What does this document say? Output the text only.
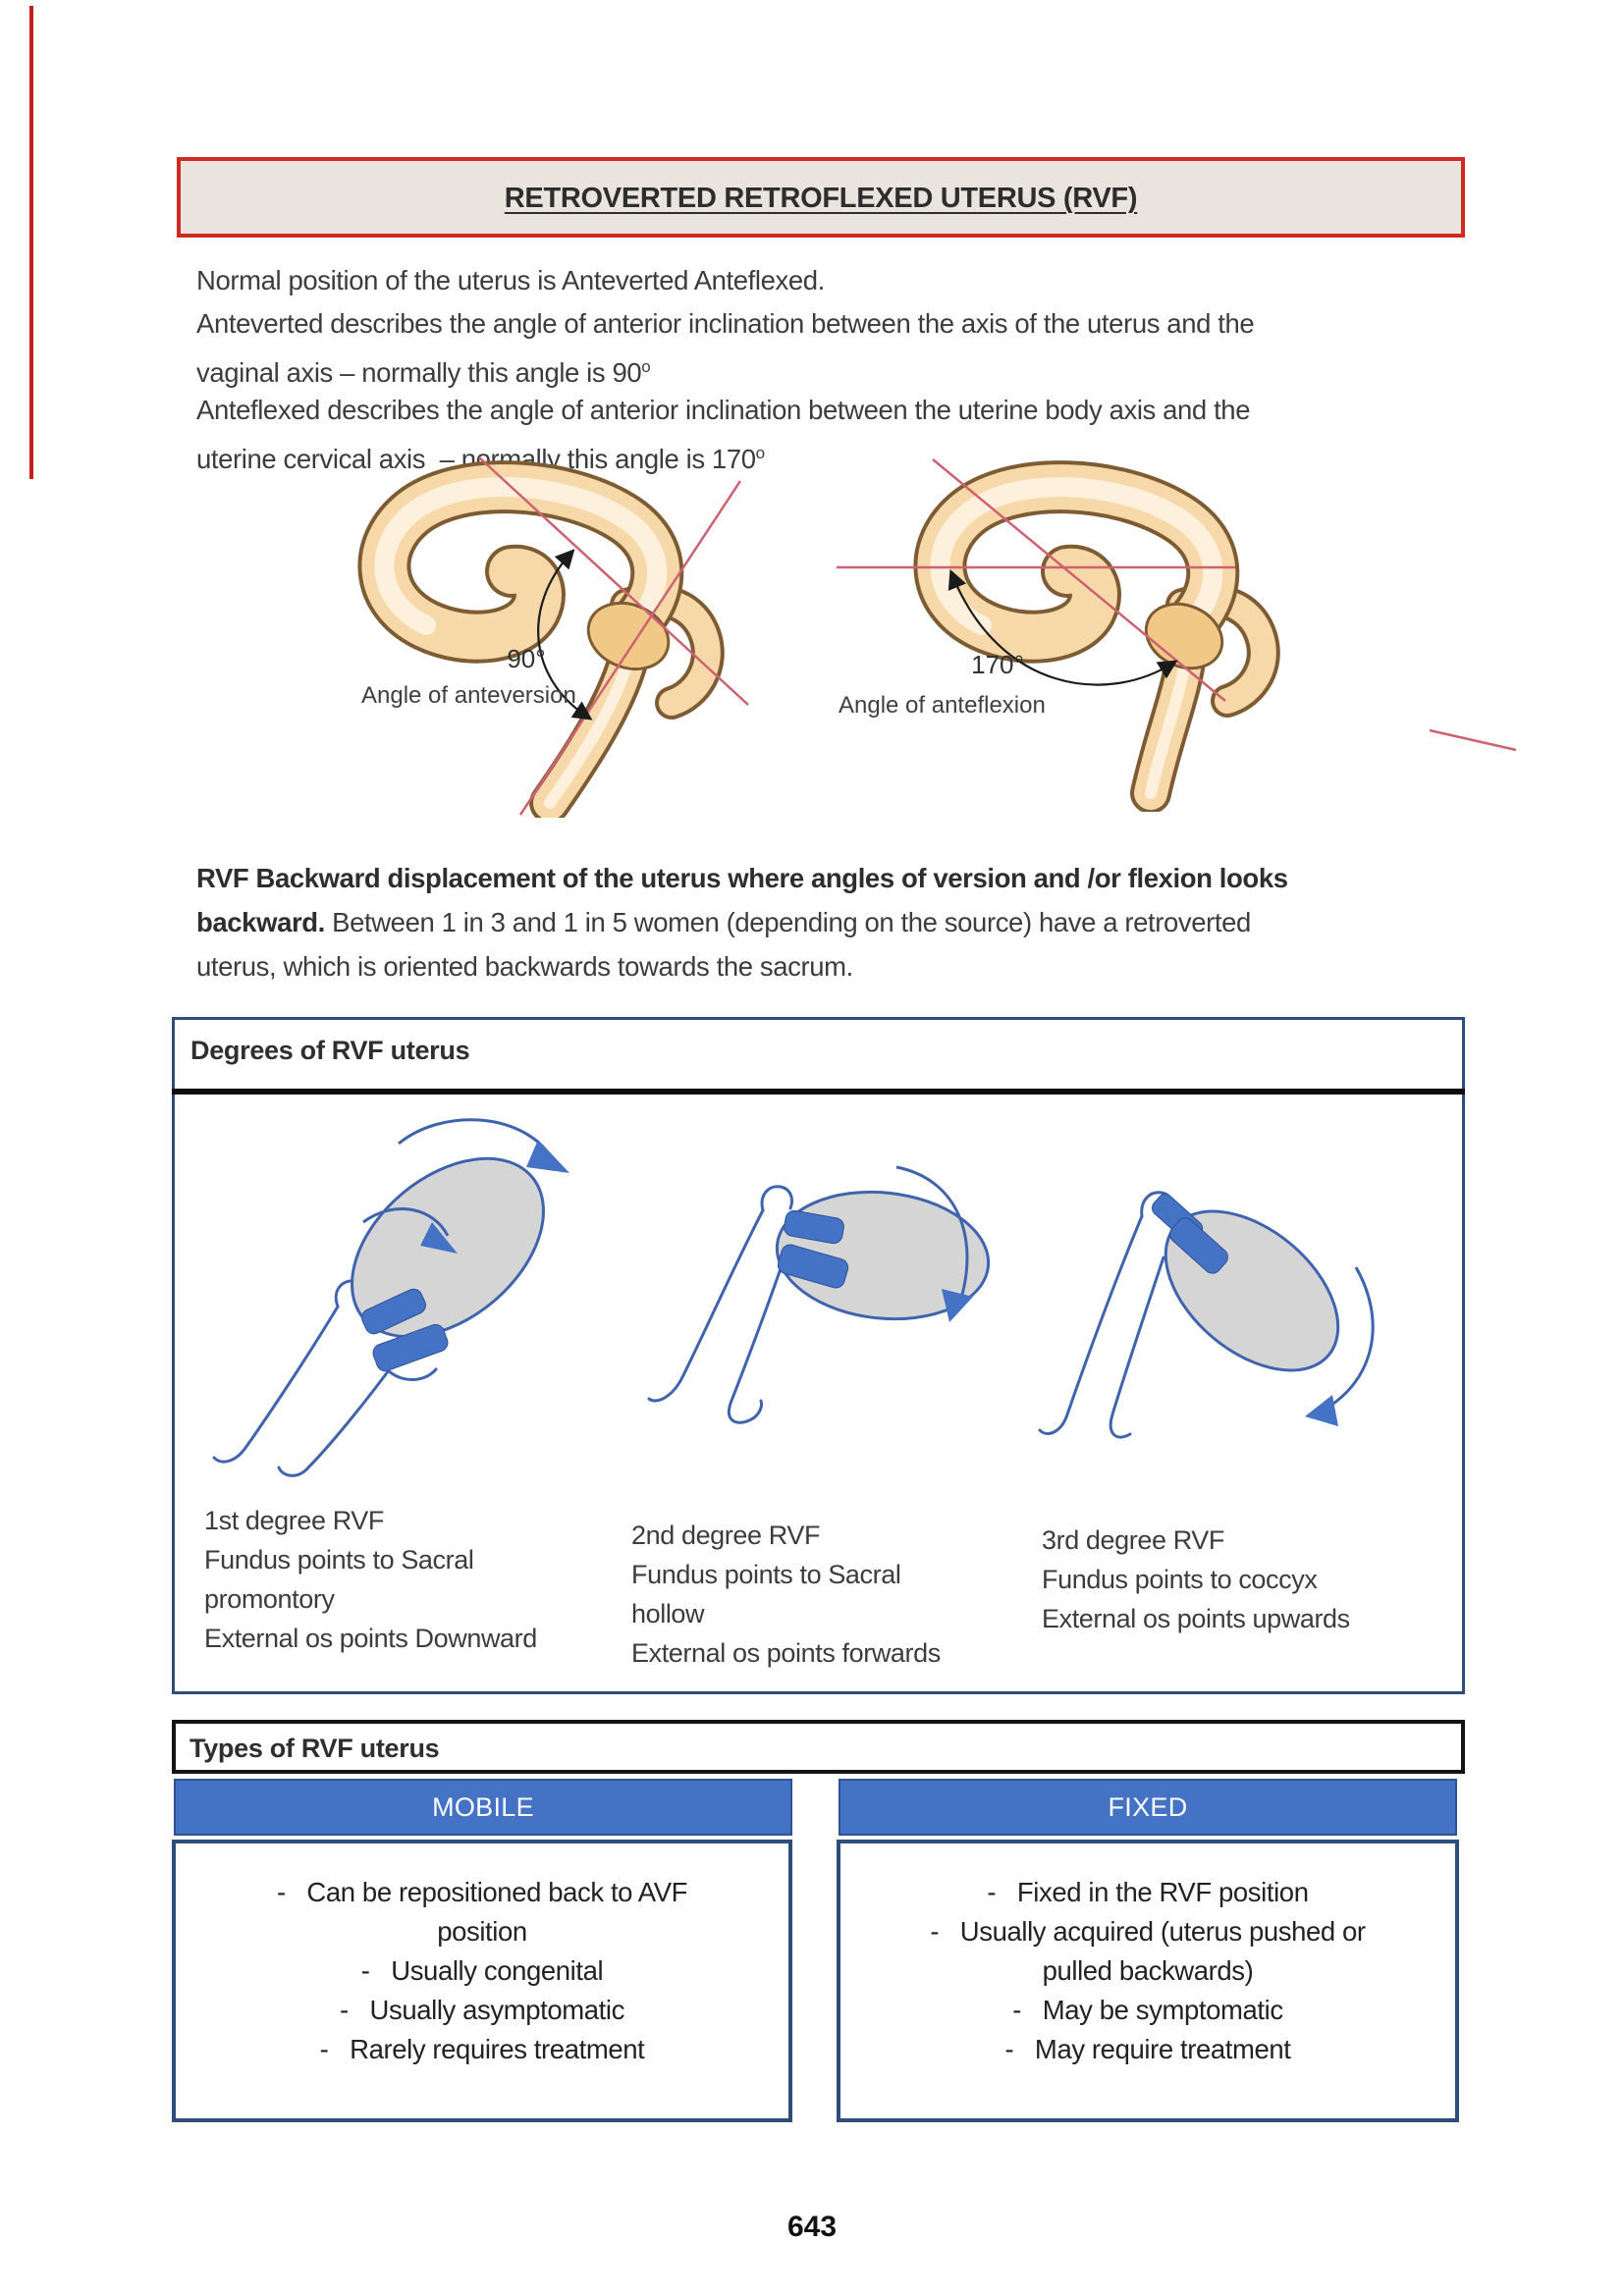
RETROVERTED RETROFLEXED UTERUS (RVF)
Normal position of the uterus is Anteverted Anteflexed.
Anteverted describes the angle of anterior inclination between the axis of the uterus and the
vaginal axis – normally this angle is 90$^o$
Anteflexed describes the angle of anterior inclination between the uterine body axis and the
uterine cervical axis  – normally this angle is 170$^o$
90°
Angle of anteversion
170°
Angle of anteflexion
RVF Backward displacement of the uterus where angles of version and /or flexion looks
backward. Between 1 in 3 and 1 in 5 women (depending on the source) have a retroverted
uterus, which is oriented backwards towards the sacrum.
Degrees of RVF uterus
1st degree RVF
Fundus points to Sacral
promontory
External os points Downward
2nd degree RVF
Fundus points to Sacral
hollow
External os points forwards
3rd degree RVF
Fundus points to coccyx
External os points upwards
Types of RVF uterus
MOBILE	FIXED
-   Can be repositioned back to AVF
position
-   Usually congenital
-   Usually asymptomatic
-   Rarely requires treatment
-   Fixed in the RVF position
-   Usually acquired (uterus pushed or
pulled backwards)
-   May be symptomatic
-   May require treatment
643
